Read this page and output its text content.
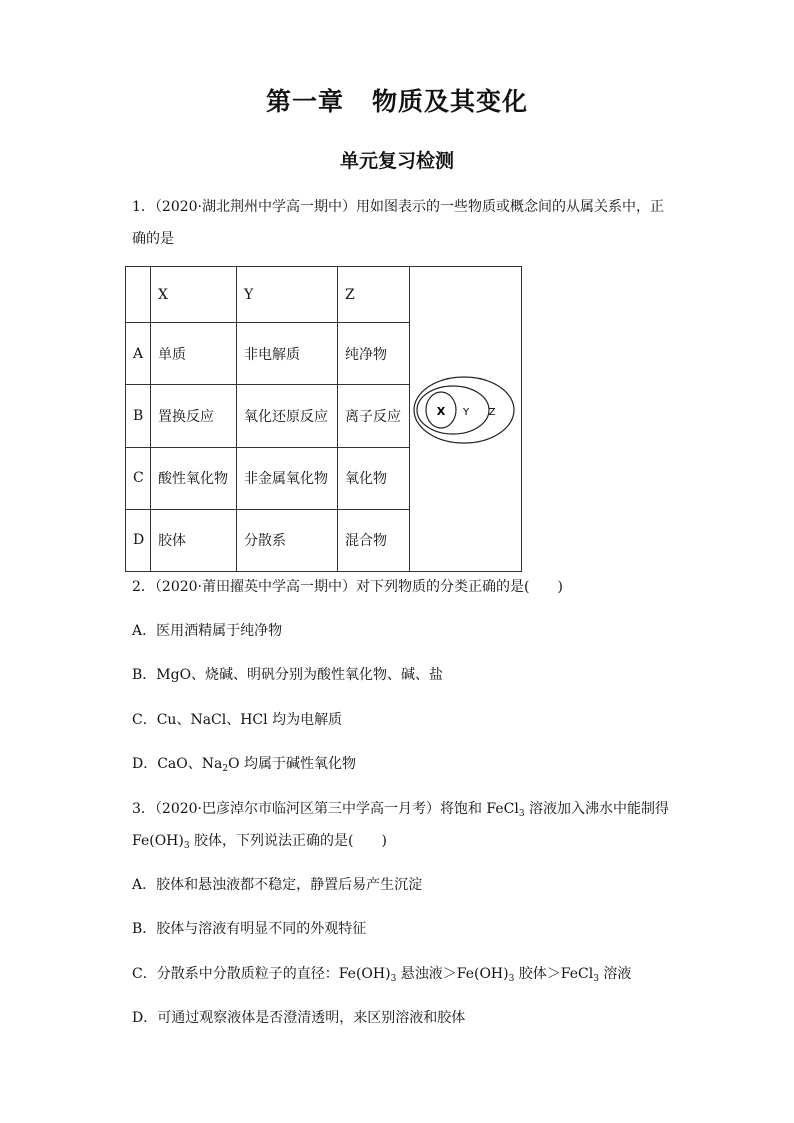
第一章 物质及其变化
单元复习检测
1．（2020·湖北荆州中学高一期中）用如图表示的一些物质或概念间的从属关系中，正
确的是
	X	Y	Z	X Y Z

A	单质	非电解质	纯净物	
B	置换反应	氧化还原反应	离子反应	
C	酸性氧化物	非金属氧化物	氧化物	
D	胶体	分散系	混合物	
2．（2020·莆田擢英中学高一期中）对下列物质的分类正确的是(　　)
A．医用酒精属于纯净物
B．MgO、烧碱、明矾分别为酸性氧化物、碱、盐
C．Cu、NaCl、HCl 均为电解质
D．CaO、$Na_2O$ 均属于碱性氧化物
3．（2020·巴彦淖尔市临河区第三中学高一月考）将饱和 FeCl$_3$ 溶液加入沸水中能制得
$Fe(OH)_3$ 胶体，下列说法正确的是(　　)
A．胶体和悬浊液都不稳定，静置后易产生沉淀
B．胶体与溶液有明显不同的外观特征
C．分散系中分散质粒子的直径：$Fe(OH)_3$ 悬浊液$>Fe(OH)_3$ 胶体＞FeCl$_3$ 溶液
D．可通过观察液体是否澄清透明，来区别溶液和胶体
